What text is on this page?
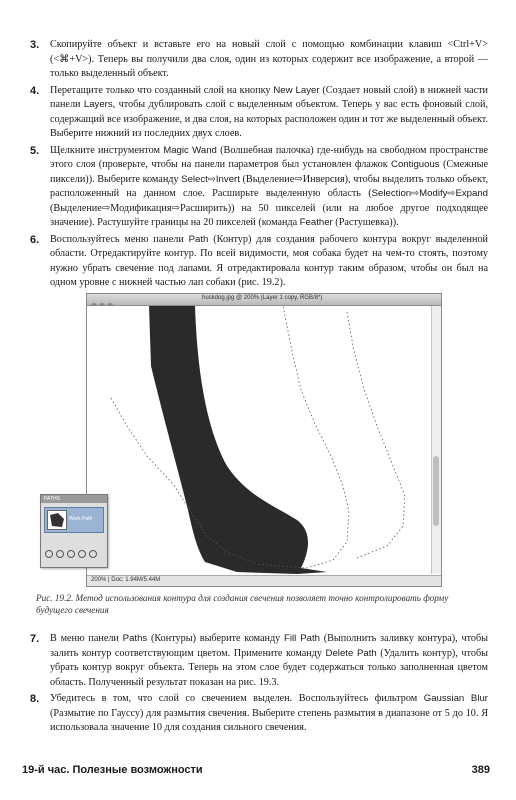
3. Скопируйте объект и вставьте его на новый слой с помощью комбинации клавиш <Ctrl+V> (<⌘+V>). Теперь вы получили два слоя, один из которых содержит все изображение, а второй — только выделенный объект.
4. Перетащите только что созданный слой на кнопку New Layer (Создает новый слой) в нижней части панели Layers, чтобы дублировать слой с выделенным объектом. Теперь у вас есть фоновый слой, содержащий все изображение, и два слоя, на которых расположен один и тот же выделенный объект. Выберите нижний из последних двух слоев.
5. Щелкните инструментом Magic Wand (Волшебная палочка) где-нибудь на свободном пространстве этого слоя (проверьте, чтобы на панели параметров был установлен флажок Contiguous (Смежные пиксели)). Выберите команду Select⇨Invert (Выделение⇨Инверсия), чтобы выделить только объект, расположенный на данном слое. Расширьте выделенную область (Selection⇨Modify⇨Expand (Выделение⇨Модификация⇨Расширить)) на 50 пикселей (или на любое другое подходящее значение). Растушуйте границы на 20 пикселей (команда Feather (Растушевка)).
6. Воспользуйтесь меню панели Path (Контур) для создания рабочего контура вокруг выделенной области. Отредактируйте контур. По всей видимости, моя собака будет на чем-то стоять, поэтому нужно убрать свечение под лапами. Я отредактировала контур таким образом, чтобы он был на одном уровне с нижней частью лап собаки (рис. 19.2).
huskdog.jpg @ 200% (Layer 1 copy, RGB/8*)
200% | Doc: 1.94M/5.44M
PATHS
Work Path
Рис. 19.2. Метод использования контура для создания свечения позволяет точно контролировать форму будущего свечения
7. В меню панели Paths (Контуры) выберите команду Fill Path (Выполнить заливку контура), чтобы залить контур соответствующим цветом. Примените команду Delete Path (Удалить контур), чтобы убрать контур вокруг объекта. Теперь на этом слое будет содержаться только заполненная цветом область. Полученный результат показан на рис. 19.3.
8. Убедитесь в том, что слой со свечением выделен. Воспользуйтесь фильтром Gaussian Blur (Размытие по Гауссу) для размытия свечения. Выберите степень размытия в диапазоне от 5 до 10. Я использовала значение 10 для создания сильного свечения.
19-й час. Полезные возможности	389
